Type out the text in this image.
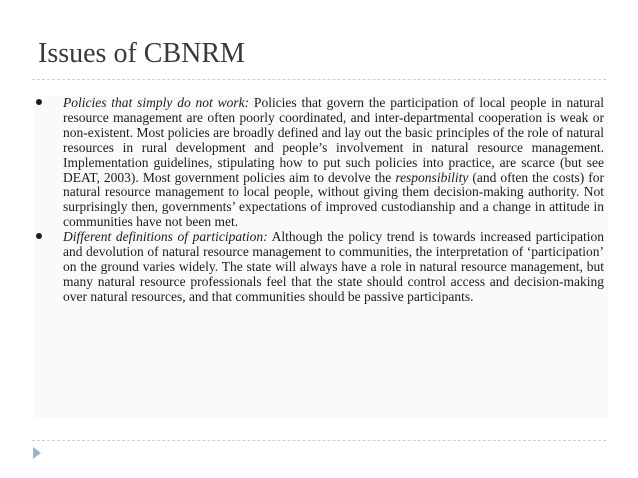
Issues of CBNRM
Policies that simply do not work: Policies that govern the participation of local people in natural resource management are often poorly coordinated, and inter-departmental cooperation is weak or non-existent. Most policies are broadly defined and lay out the basic principles of the role of natural resources in rural development and people’s involvement in natural resource management. Implementation guidelines, stipulating how to put such policies into practice, are scarce (but see DEAT, 2003). Most government policies aim to devolve the responsibility (and often the costs) for natural resource management to local people, without giving them decision-making authority. Not surprisingly then, governments’ expectations of improved custodianship and a change in attitude in communities have not been met.
Different definitions of participation: Although the policy trend is towards increased participation and devolution of natural resource management to communities, the interpretation of ‘participation’ on the ground varies widely. The state will always have a role in natural resource management, but many natural resource professionals feel that the state should control access and decision-making over natural resources, and that communities should be passive participants.
